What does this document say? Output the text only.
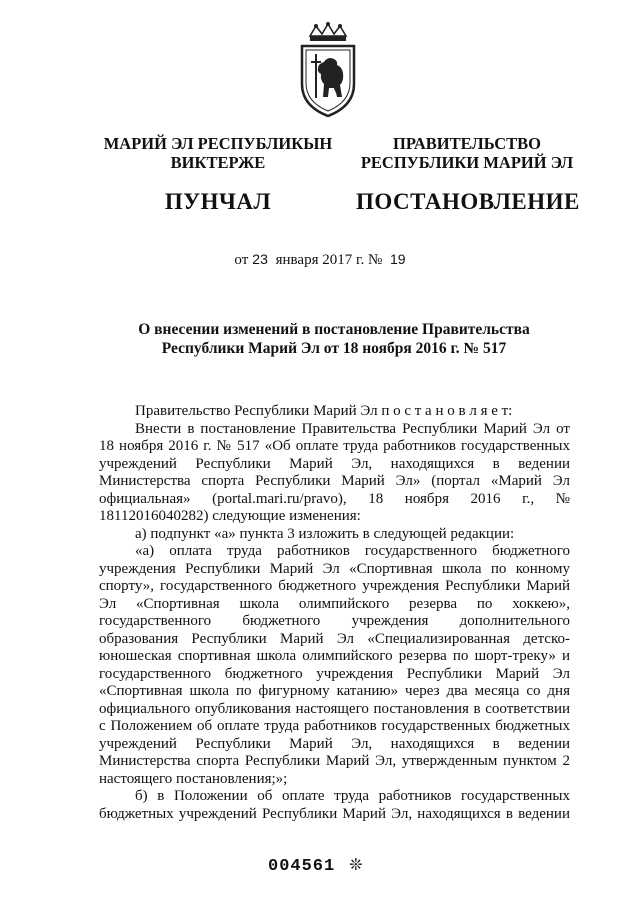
МАРИЙ ЭЛ РЕСПУБЛИКЫН
ВИКТЕРЖЕ
ПУНЧАЛ
ПРАВИТЕЛЬСТВО
РЕСПУБЛИКИ МАРИЙ ЭЛ
ПОСТАНОВЛЕНИЕ
от 23 января 2017 г. № 19
О внесении изменений в постановление Правительства
Республики Марий Эл от 18 ноября 2016 г. № 517

Правительство Республики Марий Эл п о с т а н о в л я е т:

Внести в постановление Правительства Республики Марий Эл от 18 ноября 2016 г. № 517 «Об оплате труда работников государственных учреждений Республики Марий Эл, находящихся в ведении Министерства спорта Республики Марий Эл» (портал «Марий Эл официальная» (portal.mari.ru/pravo), 18 ноября 2016 г., № 18112016040282) следующие изменения:

а) подпункт «а» пункта 3 изложить в следующей редакции:

«а) оплата труда работников государственного бюджетного учреждения Республики Марий Эл «Спортивная школа по конному спорту», государственного бюджетного учреждения Республики Марий Эл «Спортивная школа олимпийского резерва по хоккею», государственного бюджетного учреждения дополнительного образования Республики Марий Эл «Специализированная детско-юношеская спортивная школа олимпийского резерва по шорт-треку» и государственного бюджетного учреждения Республики Марий Эл «Спортивная школа по фигурному катанию» через два месяца со дня официального опубликования настоящего постановления в соответствии с Положением об оплате труда работников государственных бюджетных учреждений Республики Марий Эл, находящихся в ведении Министерства спорта Республики Марий Эл, утвержденным пунктом 2 настоящего постановления;»;

б) в Положении об оплате труда работников государственных бюджетных учреждений Республики Марий Эл, находящихся в ведении

004561 ❊
